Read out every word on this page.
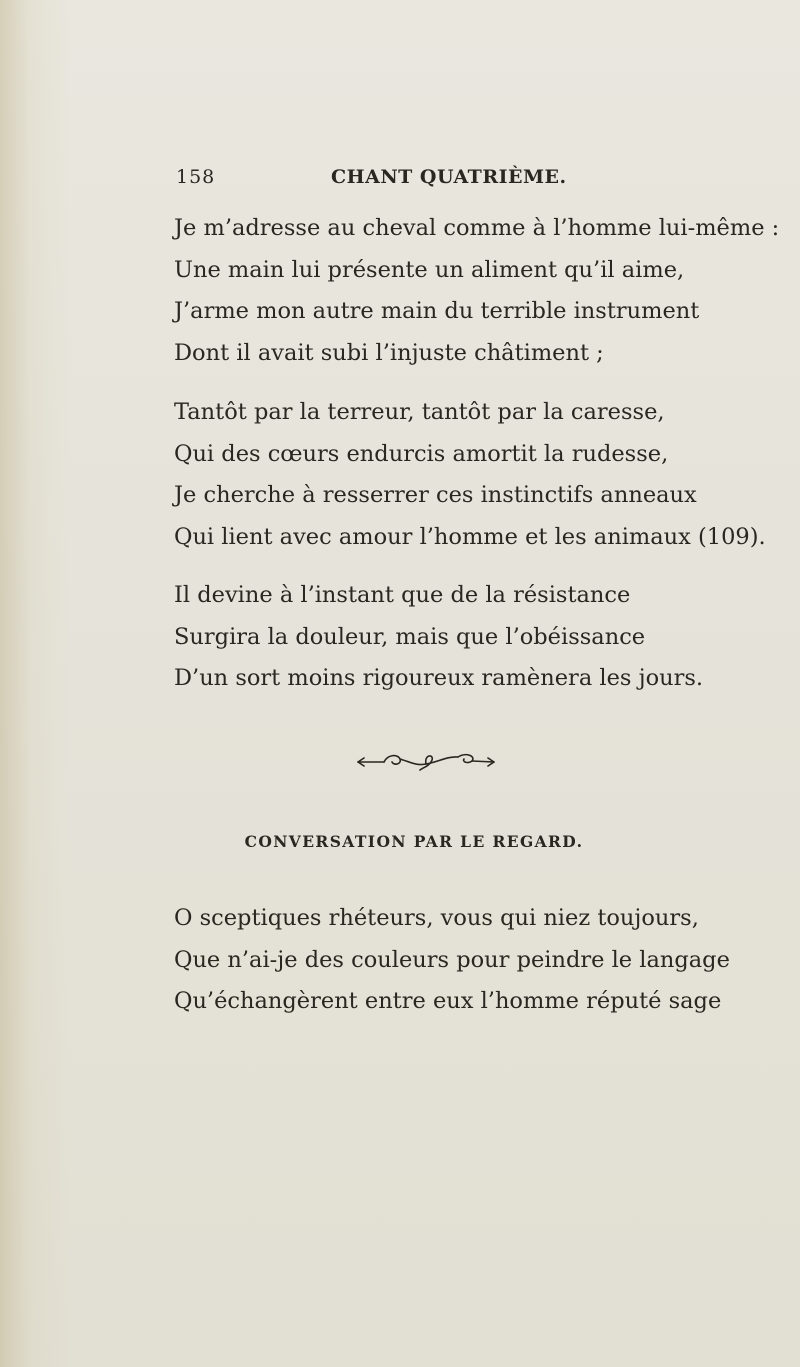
158	CHANT QUATRIÈME.
Je m’adresse au cheval comme à l’homme lui-même :
Une main lui présente un aliment qu’il aime,
J’arme mon autre main du terrible instrument
Dont il avait subi l’injuste châtiment ;
Tantôt par la terreur, tantôt par la caresse,
Qui des cœurs endurcis amortit la rudesse,
Je cherche à resserrer ces instinctifs anneaux
Qui lient avec amour l’homme et les animaux (109).
Il devine à l’instant que de la résistance
Surgira la douleur, mais que l’obéissance
D’un sort moins rigoureux ramènera les jours.
CONVERSATION PAR LE REGARD.
O sceptiques rhéteurs, vous qui niez toujours,
Que n’ai-je des couleurs pour peindre le langage
Qu’échangèrent entre eux l’homme réputé sage
